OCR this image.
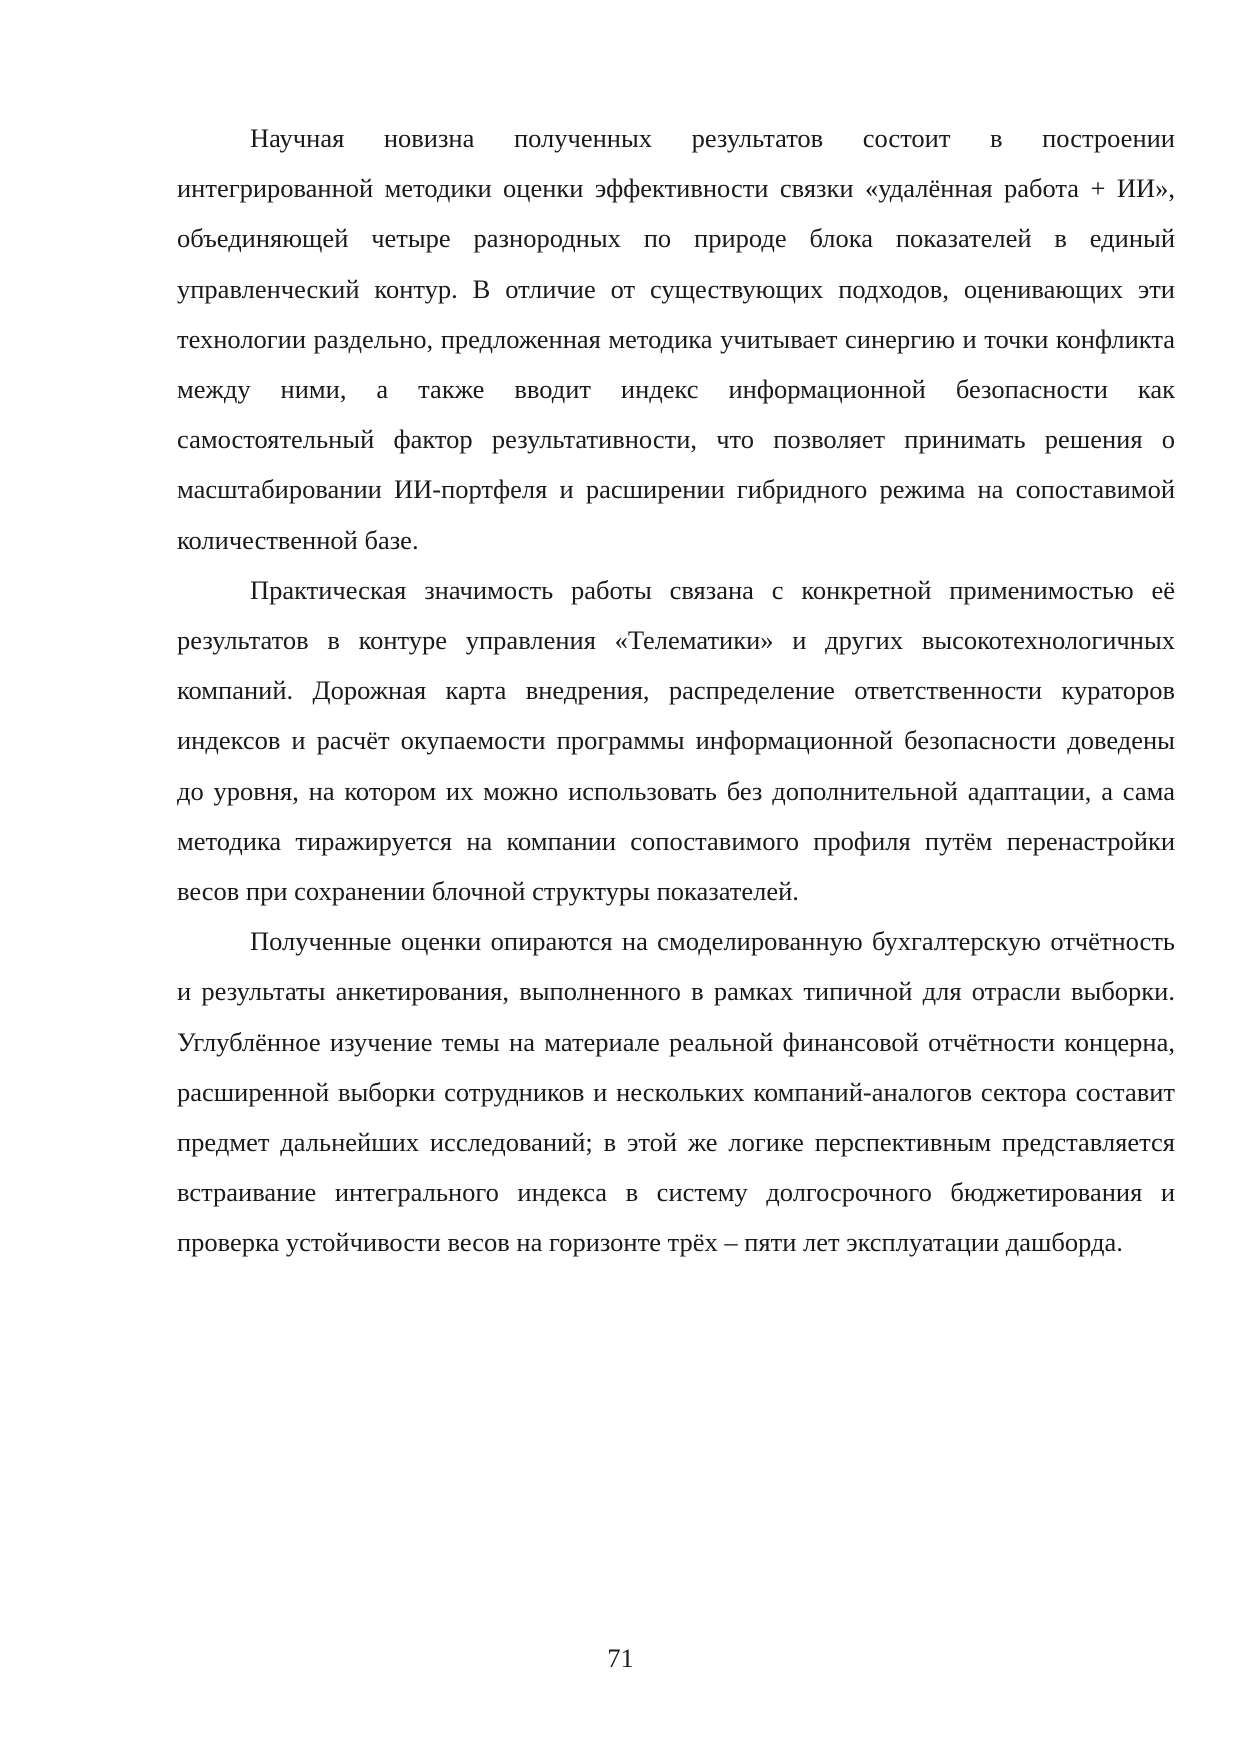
Научная новизна полученных результатов состоит в построении интегрированной методики оценки эффективности связки «удалённая работа + ИИ», объединяющей четыре разнородных по природе блока показателей в единый управленческий контур. В отличие от существующих подходов, оценивающих эти технологии раздельно, предложенная методика учитывает синергию и точки конфликта между ними, а также вводит индекс информационной безопасности как самостоятельный фактор результативности, что позволяет принимать решения о масштабировании ИИ-портфеля и расширении гибридного режима на сопоставимой количественной базе.

Практическая значимость работы связана с конкретной применимостью её результатов в контуре управления «Телематики» и других высокотехнологичных компаний. Дорожная карта внедрения, распределение ответственности кураторов индексов и расчёт окупаемости программы информационной безопасности доведены до уровня, на котором их можно использовать без дополнительной адаптации, а сама методика тиражируется на компании сопоставимого профиля путём перенастройки весов при сохранении блочной структуры показателей.

Полученные оценки опираются на смоделированную бухгалтерскую отчётность и результаты анкетирования, выполненного в рамках типичной для отрасли выборки. Углублённое изучение темы на материале реальной финансовой отчётности концерна, расширенной выборки сотрудников и нескольких компаний-аналогов сектора составит предмет дальнейших исследований; в этой же логике перспективным представляется встраивание интегрального индекса в систему долгосрочного бюджетирования и проверка устойчивости весов на горизонте трёх – пяти лет эксплуатации дашборда.

71
